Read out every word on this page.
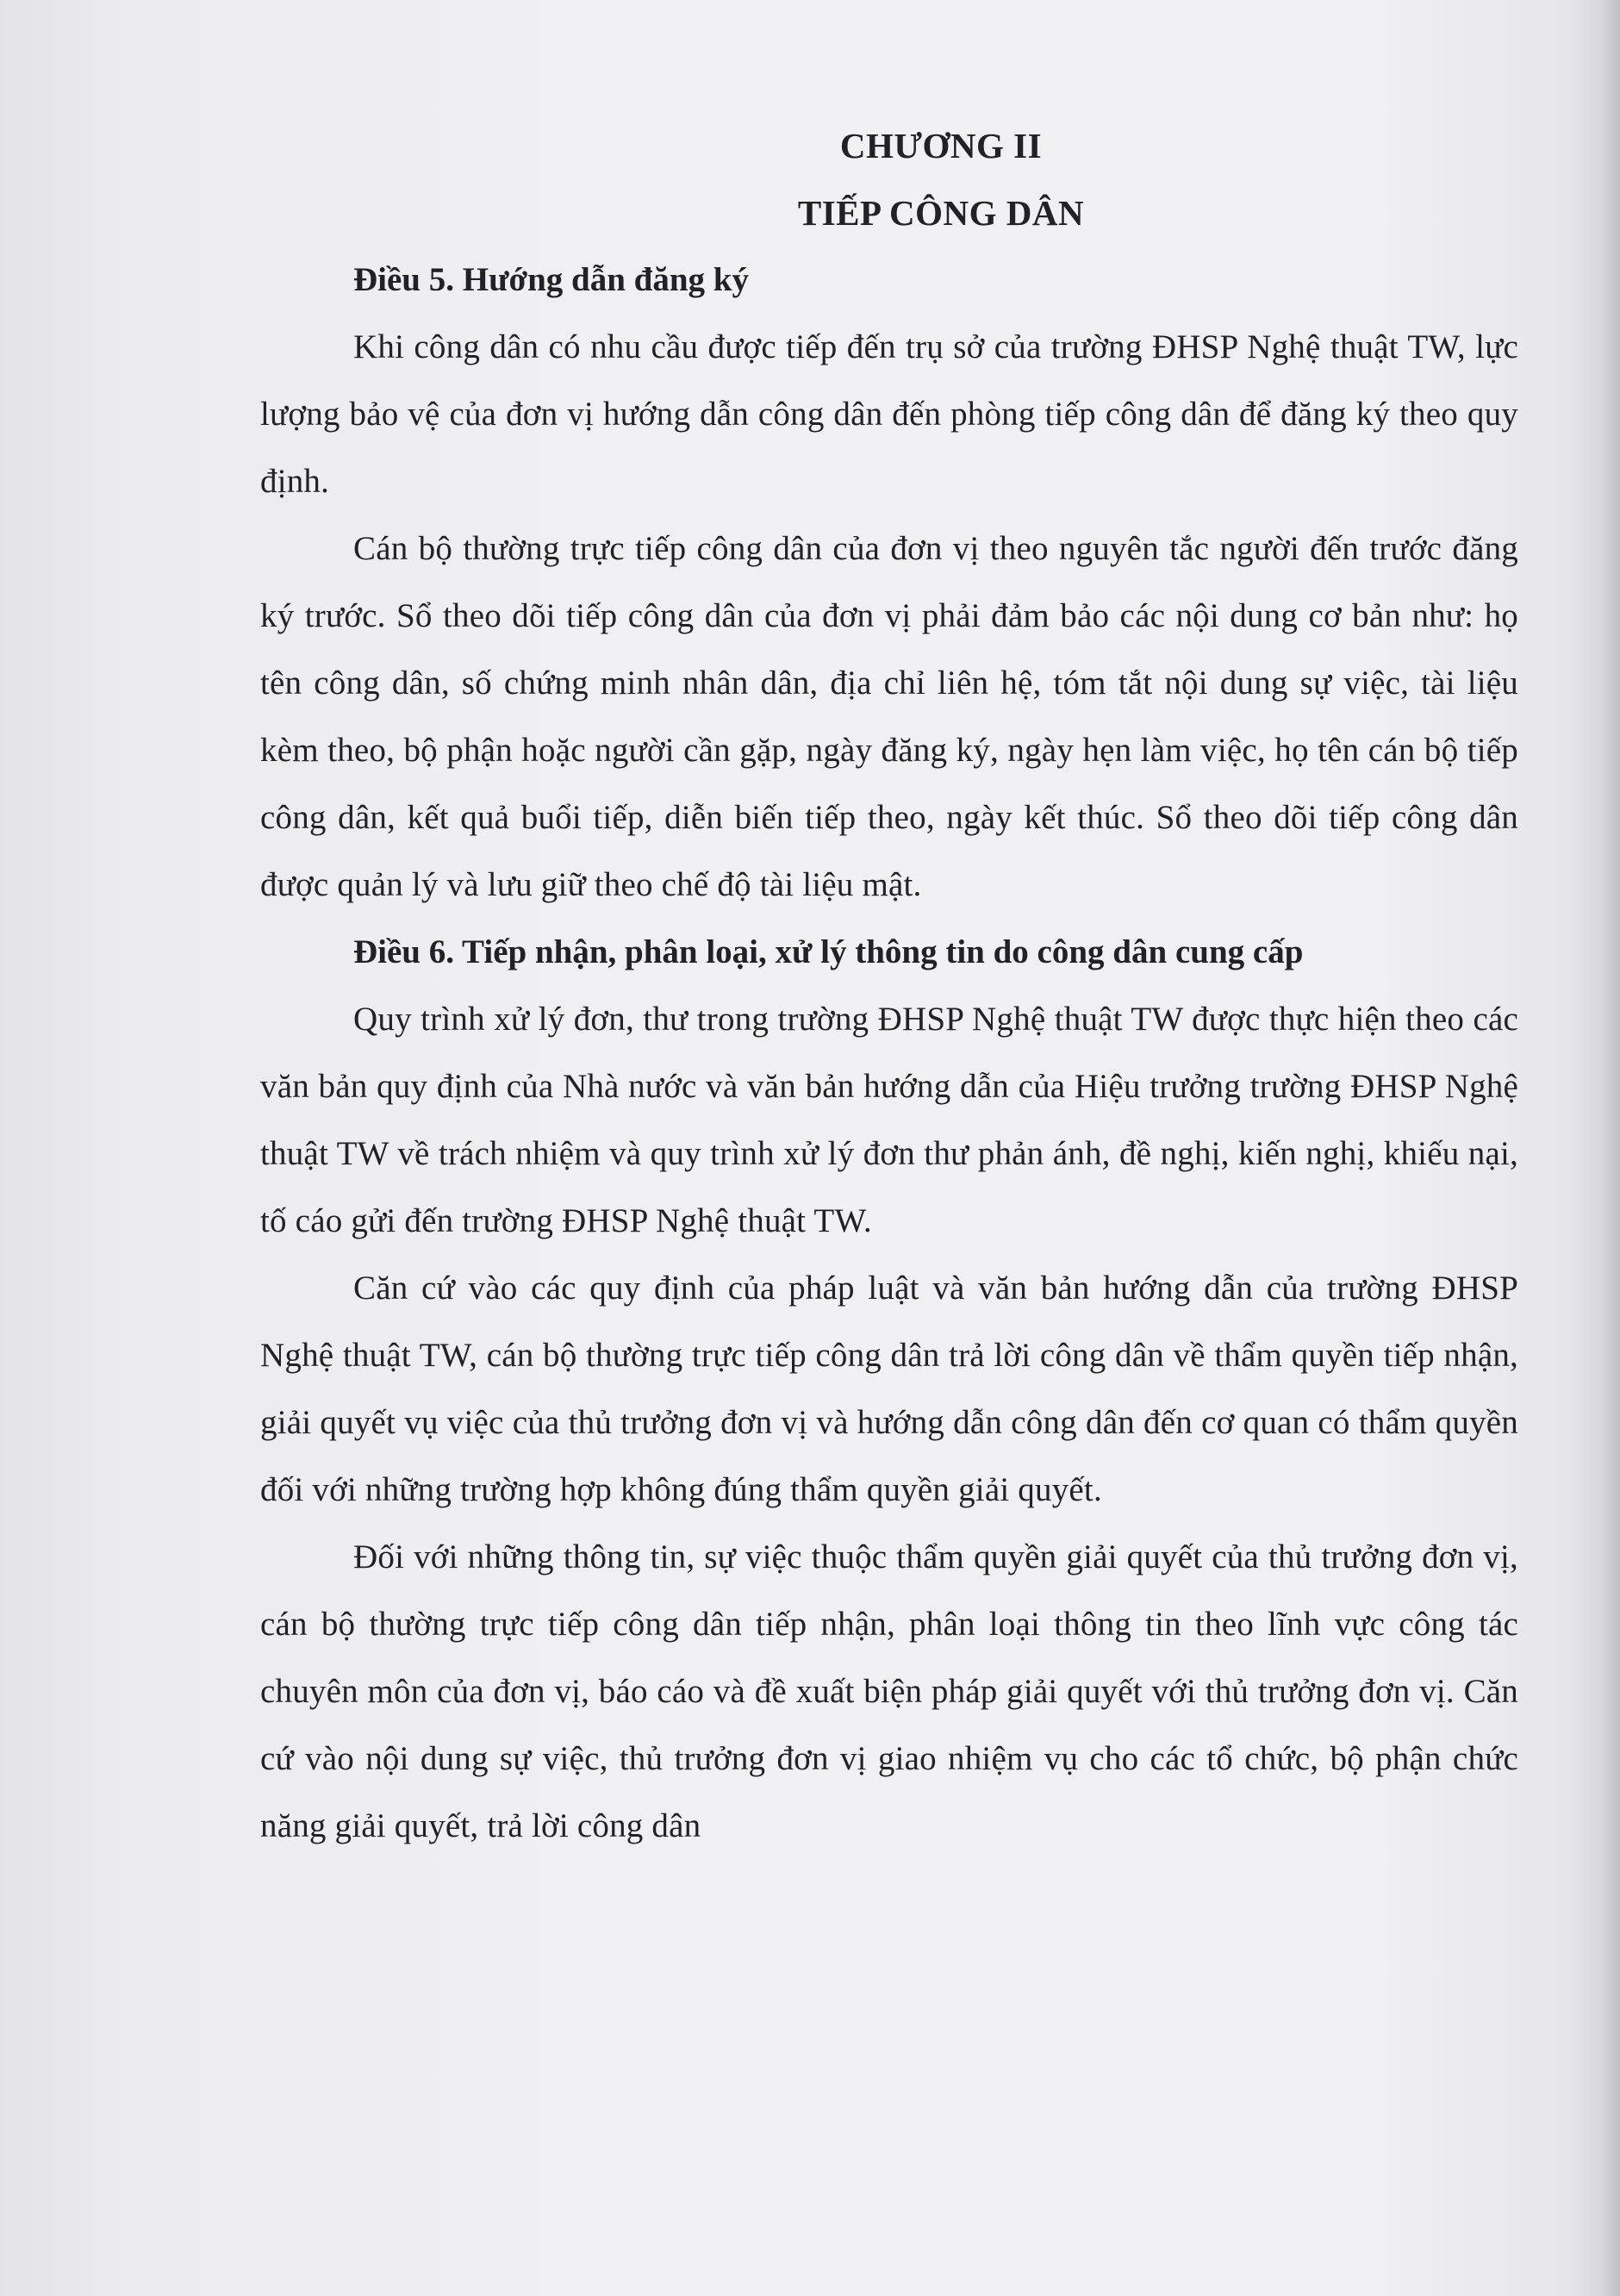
CHƯƠNG II
TIẾP CÔNG DÂN
Điều 5. Hướng dẫn đăng ký

Khi công dân có nhu cầu được tiếp đến trụ sở của trường ĐHSP Nghệ thuật TW, lực lượng bảo vệ của đơn vị hướng dẫn công dân đến phòng tiếp công dân để đăng ký theo quy định.

Cán bộ thường trực tiếp công dân của đơn vị theo nguyên tắc người đến trước đăng ký trước. Sổ theo dõi tiếp công dân của đơn vị phải đảm bảo các nội dung cơ bản như: họ tên công dân, số chứng minh nhân dân, địa chỉ liên hệ, tóm tắt nội dung sự việc, tài liệu kèm theo, bộ phận hoặc người cần gặp, ngày đăng ký, ngày hẹn làm việc, họ tên cán bộ tiếp công dân, kết quả buổi tiếp, diễn biến tiếp theo, ngày kết thúc. Sổ theo dõi tiếp công dân được quản lý và lưu giữ theo chế độ tài liệu mật.

Điều 6. Tiếp nhận, phân loại, xử lý thông tin do công dân cung cấp

Quy trình xử lý đơn, thư trong trường ĐHSP Nghệ thuật TW được thực hiện theo các văn bản quy định của Nhà nước và văn bản hướng dẫn của Hiệu trưởng trường ĐHSP Nghệ thuật TW về trách nhiệm và quy trình xử lý đơn thư phản ánh, đề nghị, kiến nghị, khiếu nại, tố cáo gửi đến trường ĐHSP Nghệ thuật TW.

Căn cứ vào các quy định của pháp luật và văn bản hướng dẫn của trường ĐHSP Nghệ thuật TW, cán bộ thường trực tiếp công dân trả lời công dân về thẩm quyền tiếp nhận, giải quyết vụ việc của thủ trưởng đơn vị và hướng dẫn công dân đến cơ quan có thẩm quyền đối với những trường hợp không đúng thẩm quyền giải quyết.

Đối với những thông tin, sự việc thuộc thẩm quyền giải quyết của thủ trưởng đơn vị, cán bộ thường trực tiếp công dân tiếp nhận, phân loại thông tin theo lĩnh vực công tác chuyên môn của đơn vị, báo cáo và đề xuất biện pháp giải quyết với thủ trưởng đơn vị. Căn cứ vào nội dung sự việc, thủ trưởng đơn vị giao nhiệm vụ cho các tổ chức, bộ phận chức năng giải quyết, trả lời công dân
